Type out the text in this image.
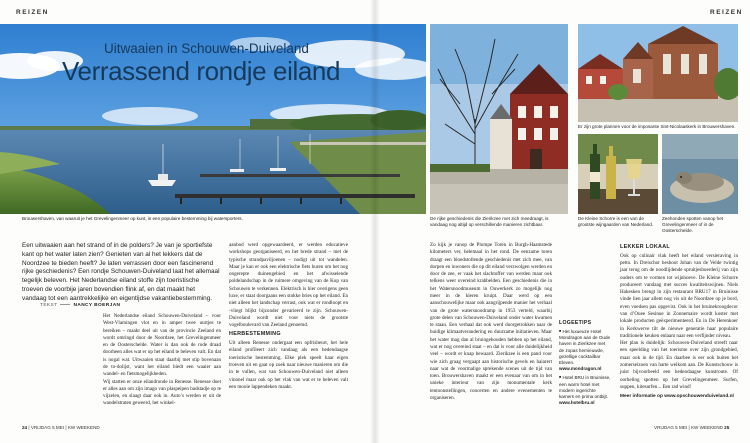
REIZEN	REIZEN
Uitwaaien in Schouwen-Duiveland
Verrassend rondje eiland
Brouwershaven, van waaruit je het Grevelingenmeer op kunt, is een populaire bestemming bij watersporters.	De rijke geschiedenis die Zierikzee met zich meedraagt, is vandaag nog altijd op verschillende manieren zichtbaar.
Er zijn grote plannen voor de imposante Sint-Nicolaaskerk in Brouwershaven.
De Kleine Schorre is een van de grootste wijngaarden van Nederland.
Zeehonden spotten vanop het Grevelingenmeer of in de Oosterschelde.
Een uitwaaien aan het strand of in de polders? Je van je sportiefste kant op het water laten zien? Genieten van al het lekkers dat de Noordzee te bieden heeft? Je laten verrassen door een fascinerend rijke geschiedenis? Een rondje Schouwen-Duiveland laat het allemaal tegelijk beleven. Het Nederlandse eiland stoffe zijn toeristische troeven de voorbije jaren bovendien flink af, en dat maakt het vandaag tot een aantrekkelijke en eigentijdse vakantiebestemming.
TEKST	NANCY BOERJAN

Het Nederlandse eiland Schouwen-Duiveland – voor West-Vlamingen vlot en in amper twee uurtjes te bereiken – maakt deel uit van de provincie Zeeland en wordt omringd door de Noordzee, het Grevelingenmeer en de Oosterschelde. Water is dan ook de rode draad doorheen alles wat er op het eiland te beleven valt. En dat is nogal wat. Uitwaaien staat daarbij met stip bovenaan de to-dolijst, want het eiland biedt een waaier aan wandel- en fietsmogelijkheden.
Wij starten er onze eilandronde in Renesse. Renesse doet er alles aan om zijn imago van plaspeipen badstadje op te vijzelen, en slaagt daar ook in. Auto’s werden er uit de wandelstraten geweerd, het winkel-

aanbod werd opgewaardeerd, er werden educatieve workshops georganiseerd, en het brede strand – met de typische strandpaviljoenen – nodigt uit tot wandelen. Maar je kan er ook een elektrische fiets huren om het nog ongerepte duinengebied en het afwisselende poldelandschap in de ruimere omgeving van de Kop van Schouwen te verkennen. Elektrisch is hier overigens geen luxe, er staat doorgaans een stokke bries op het eiland. En niet alleen het landschap verrast, ook wat er rondloopt en -vliegt blijkt bijzonder gevarieerd te zijn. Schouwen-Duiveland wordt niet voor niets de grootste vogelboulevard van Zeeland genoemd.

HERBESTEMMING

Uit alleen Renesse ondergaat een opfrisbeurt, het hele eiland profileert zich vandaag als een hedendaagse toeristische bestemming. Elke plek speelt haar eigen troeven uit en gaat op zoek naar nieuwe manieren om die in te vullen, wat van Schouwen-Duiveland niet alleen vinonel maar ook op het vlak van wat er te beleven valt een mooie lappendeken maakt.

Zo kijk je vanop de Plompe Toren in Burgh-Haamstede kilometers ver, helemaal in het rond. De eenzame toren draagt een bloedstollende geschiedenis met zich mee, van dorpen en inwoners die op dit eiland verzwolgen werden en door de zee, er vaak het slachtoffer van werden maar ook telkens weer overeind krabbelden. Een geschiedenis die in het Watersnoodmuseum in Ouwerkerk zo mogelijk nog meer in de kleren kruipt. Daar werd op een aanschouwelijke maar ook aangrijpende manier het verhaal van de grote watersnoodramp in 1953 verteld, waarbij grote delen van Schouwen-Duiveland onder water kwamen te staan. Een verhaal dat ook werd doorgetrokken naar de huidige klimaatverandering en duurzame initiatieven. Maar het water mag dan al bruingehouden hebben op het eiland, wat er nog overeind staat – en dat is voor alle duidelijkheid veel – wordt er knap bewaard. Zierikzee is een pand voor wie zich graag vergaapt aan historische gevels en haiarert naar wat de voormalige sprekende scenes uit de tijd van toen. Brouwershaven maakt er een evenaar van om in het unieke interieur van zijn monumentale kerk tentoonstellingen, concerten en andere evenementen te organiseren.

LOGEETIPS
■ Het luxueuze Hotel Mondragon aan de Oude haven in Zierikzee met de zopas hernieuwde, gezellige cocktailbar Eleven.
www.mondragon.nl
■ Hotel BRU in Bruinisse, een warm hotel met modern ingerichte kamers en prima ontbijt.
www.hotelbru.nl
LEKKER LOKAAL

Ook op culinair vlak heeft het eiland versieraving in petto. In Dreischor beshoot Johan van de Velde twintig jaar terug om de noodlijdende spruitjesboerderij van zijn ouders om te vormen tot wijnhoeve. De Kleine Schorre produceert vandaag met succes kwaliteitswijnen. Niels Hakesken brengt in zijn restaurant BRU17 in Bruinisse vinde lien jaar allem nog vis uit de Noordzee op je bord, even voedsen pas opgevist. Ook in het bruinekroogdecor van d’Ouee Sesinue in Zonnemaire wordt koster met lokale producten geëxperimenteerd. En in De Herenkoer in Kerkwerve tilt de nieuwe generatie haar populaire traditionele keuken enlaam naar een verfijnder niveau.
Het plan is duidelijk: Schouwen-Duiveland streeft naar een speelding van het toerisme over zijn grondgebied, maar ook in de tijd. En daarbee is eer ook buiten het zomerseizoen van harte welkom aan. De Kunstschouw is juist bijvoorbeeld een hedendaagse kunstroute. Of oorheling spotten op het Grevelingenmeer. Surfen, suppen, kitesurfen... Een rad wind!

Meer informatie op www.opschouwenduiveland.nl

24 | VRIJDAG 5 MEI | KW WEEKEND	VRIJDAG 5 MEI | KW WEEKEND 25
